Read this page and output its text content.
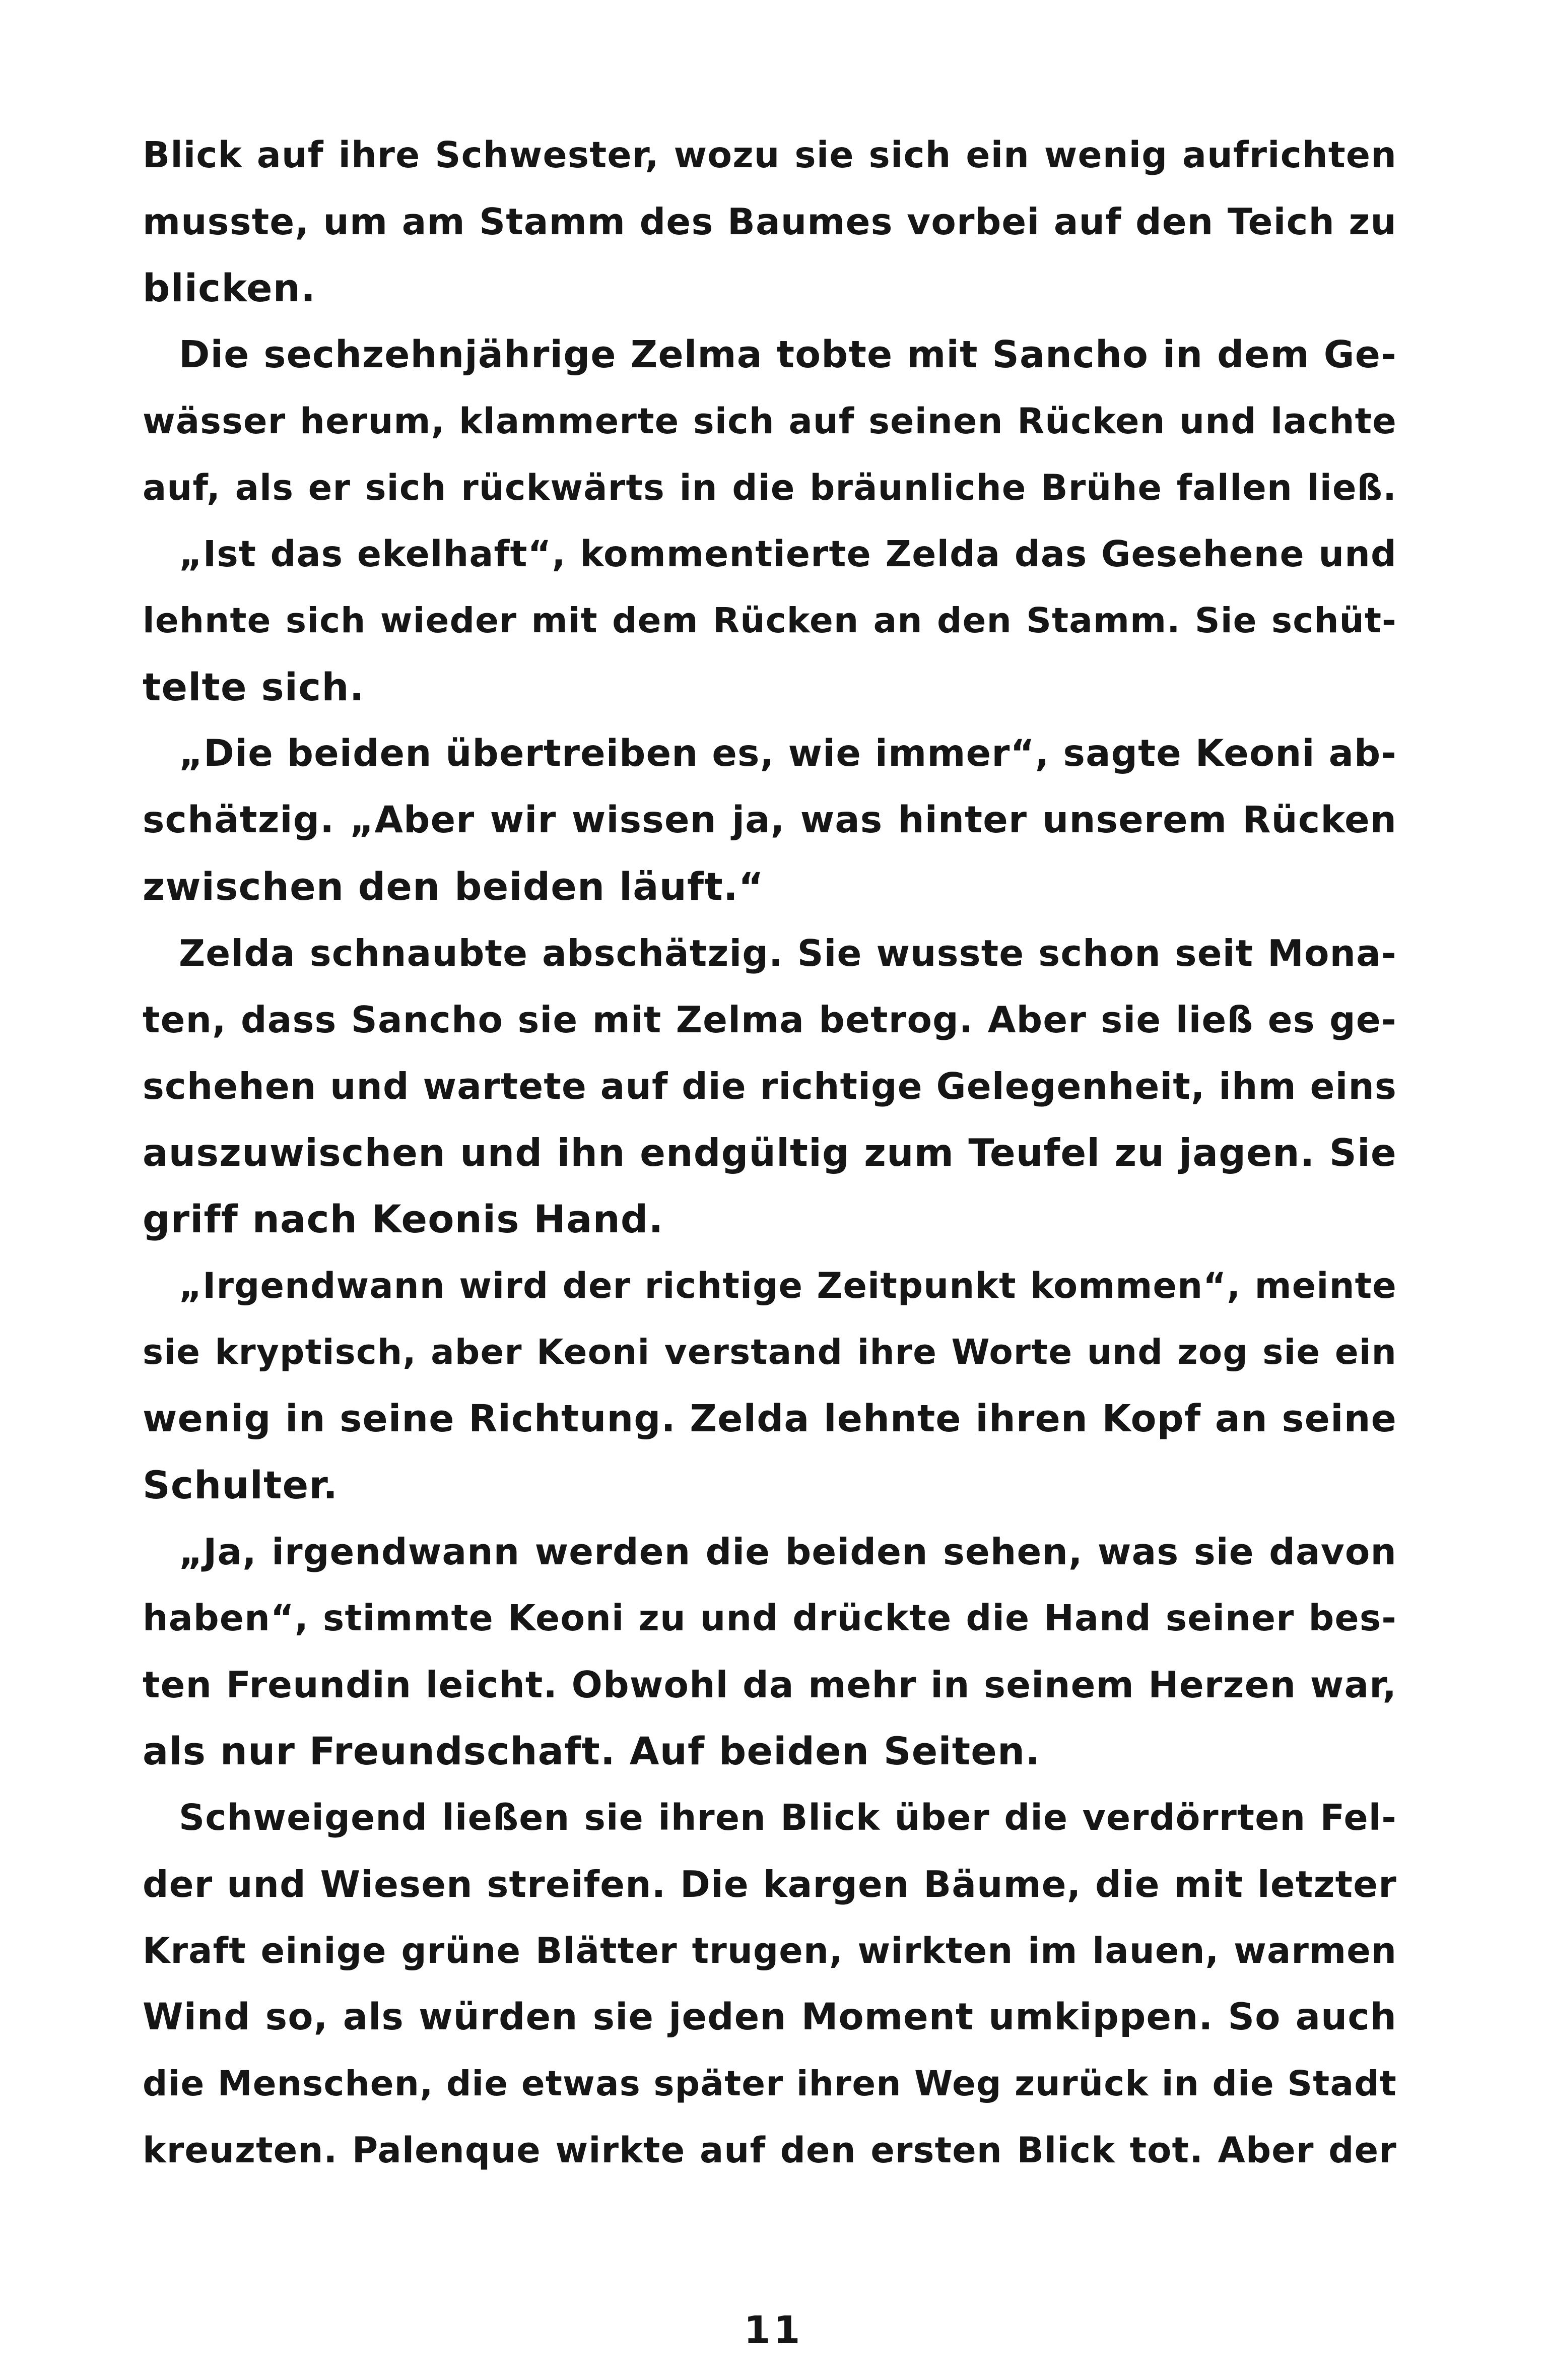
Blick auf ihre Schwester, wozu sie sich ein wenig aufrichten
musste, um am Stamm des Baumes vorbei auf den Teich zu
blicken.
Die sechzehnjährige Zelma tobte mit Sancho in dem Ge-
wässer herum, klammerte sich auf seinen Rücken und lachte
auf, als er sich rückwärts in die bräunliche Brühe fallen ließ.
„Ist das ekelhaft“, kommentierte Zelda das Gesehene und
lehnte sich wieder mit dem Rücken an den Stamm. Sie schüt-
telte sich.
„Die beiden übertreiben es, wie immer“, sagte Keoni ab-
schätzig. „Aber wir wissen ja, was hinter unserem Rücken
zwischen den beiden läuft.“
Zelda schnaubte abschätzig. Sie wusste schon seit Mona-
ten, dass Sancho sie mit Zelma betrog. Aber sie ließ es ge-
schehen und wartete auf die richtige Gelegenheit, ihm eins
auszuwischen und ihn endgültig zum Teufel zu jagen. Sie
griff nach Keonis Hand.
„Irgendwann wird der richtige Zeitpunkt kommen“, meinte
sie kryptisch, aber Keoni verstand ihre Worte und zog sie ein
wenig in seine Richtung. Zelda lehnte ihren Kopf an seine
Schulter.
„Ja, irgendwann werden die beiden sehen, was sie davon
haben“, stimmte Keoni zu und drückte die Hand seiner bes-
ten Freundin leicht. Obwohl da mehr in seinem Herzen war,
als nur Freundschaft. Auf beiden Seiten.
Schweigend ließen sie ihren Blick über die verdörrten Fel-
der und Wiesen streifen. Die kargen Bäume, die mit letzter
Kraft einige grüne Blätter trugen, wirkten im lauen, warmen
Wind so, als würden sie jeden Moment umkippen. So auch
die Menschen, die etwas später ihren Weg zurück in die Stadt
kreuzten. Palenque wirkte auf den ersten Blick tot. Aber der
11
